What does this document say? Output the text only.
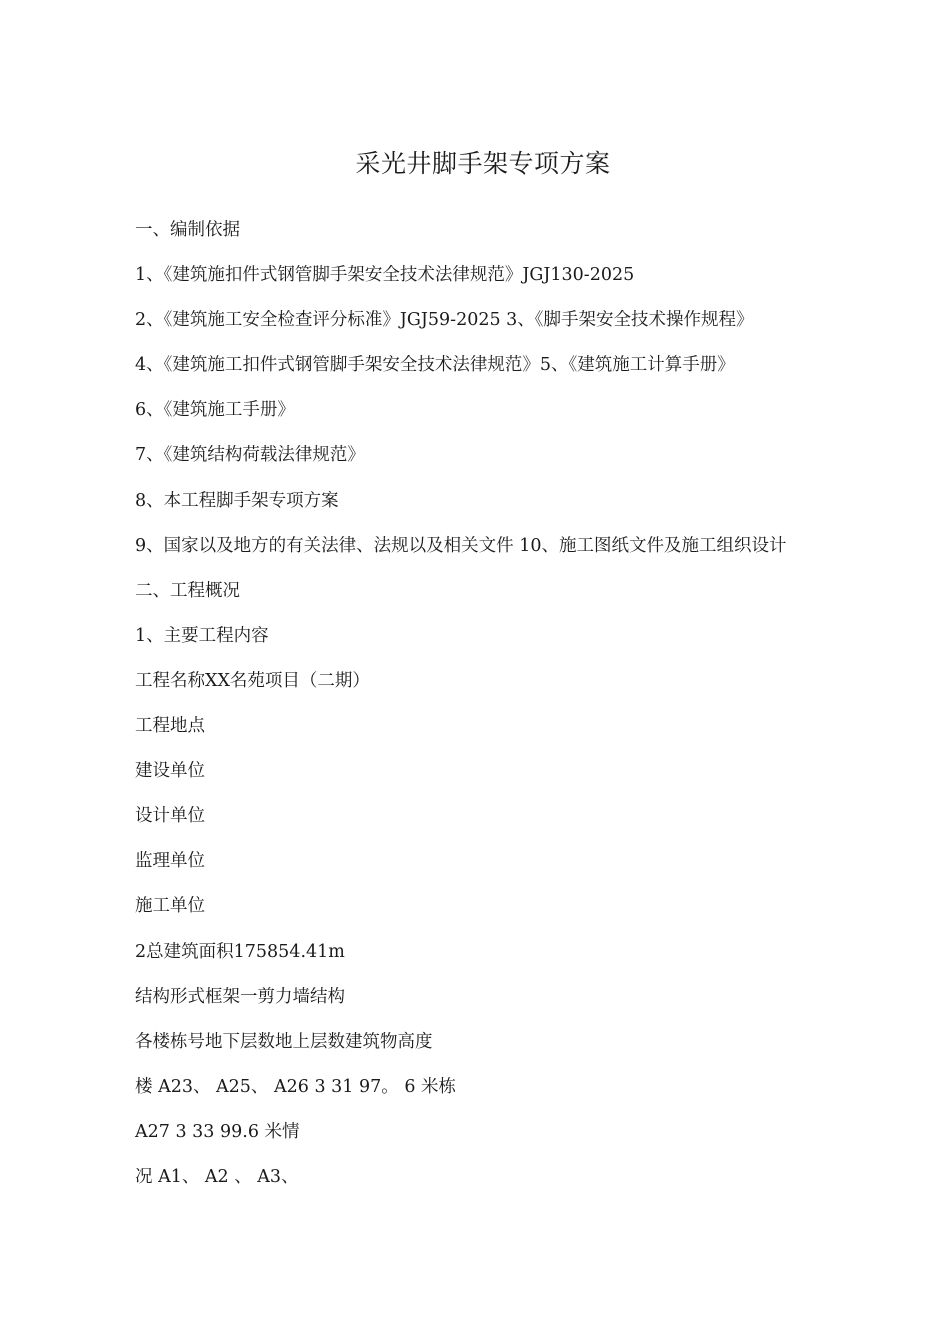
采光井脚手架专项方案
一、编制依据
1、《建筑施扣件式钢管脚手架安全技术法律规范》JGJ130-2025
2、《建筑施工安全检查评分标准》JGJ59-2025 3、《脚手架安全技术操作规程》
4、《建筑施工扣件式钢管脚手架安全技术法律规范》5、《建筑施工计算手册》
6、《建筑施工手册》
7、《建筑结构荷载法律规范》
8、本工程脚手架专项方案
9、国家以及地方的有关法律、法规以及相关文件 10、施工图纸文件及施工组织设计
二、工程概况
1、主要工程内容
工程名称XX名苑项目（二期）
工程地点
建设单位
设计单位
监理单位
施工单位
2总建筑面积175854.41m
结构形式框架一剪力墙结构
各楼栋号地下层数地上层数建筑物高度
楼 A23、 A25、 A26 3 31 97。 6 米栋
A27 3 33 99.6 米情
况 A1、 A2 、 A3、
